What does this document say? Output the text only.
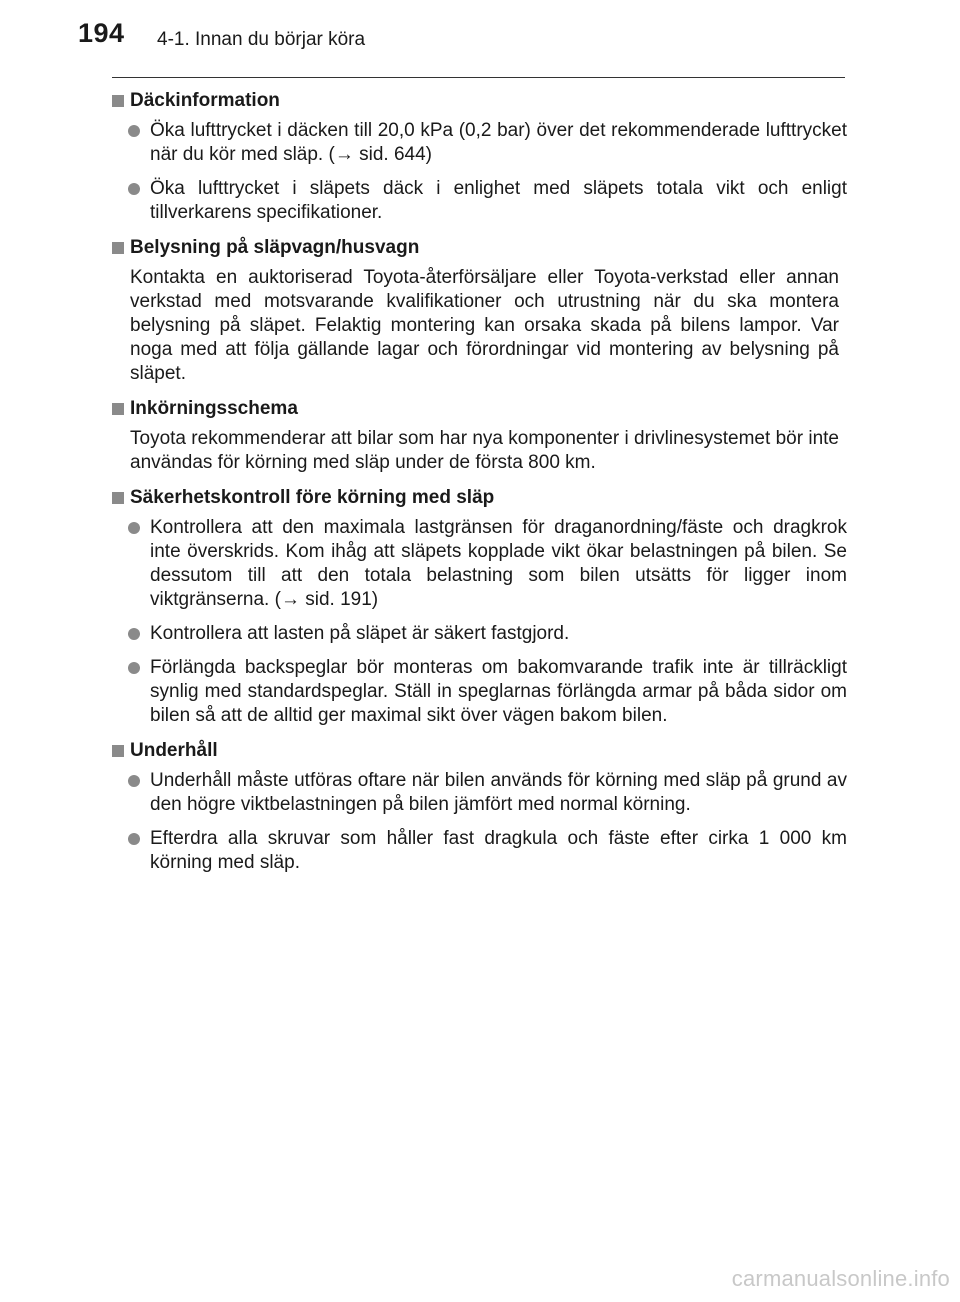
194 4-1. Innan du börjar köra
Däckinformation
Öka lufttrycket i däcken till 20,0 kPa (0,2 bar) över det rekommenderade lufttrycket när du kör med släp. (→ sid. 644)
Öka lufttrycket i släpets däck i enlighet med släpets totala vikt och enligt tillverkarens specifikationer.
Belysning på släpvagn/husvagn
Kontakta en auktoriserad Toyota-återförsäljare eller Toyota-verkstad eller annan verkstad med motsvarande kvalifikationer och utrustning när du ska montera belysning på släpet. Felaktig montering kan orsaka skada på bilens lampor. Var noga med att följa gällande lagar och förordningar vid montering av belysning på släpet.
Inkörningsschema
Toyota rekommenderar att bilar som har nya komponenter i drivlinesystemet bör inte användas för körning med släp under de första 800 km.
Säkerhetskontroll före körning med släp
Kontrollera att den maximala lastgränsen för draganordning/fäste och dragkrok inte överskrids. Kom ihåg att släpets kopplade vikt ökar belastningen på bilen. Se dessutom till att den totala belastning som bilen utsätts för ligger inom viktgränserna. (→ sid. 191)
Kontrollera att lasten på släpet är säkert fastgjord.
Förlängda backspeglar bör monteras om bakomvarande trafik inte är tillräckligt synlig med standardspeglar. Ställ in speglarnas förlängda armar på båda sidor om bilen så att de alltid ger maximal sikt över vägen bakom bilen.
Underhåll
Underhåll måste utföras oftare när bilen används för körning med släp på grund av den högre viktbelastningen på bilen jämfört med normal körning.
Efterdra alla skruvar som håller fast dragkula och fäste efter cirka 1 000 km körning med släp.
carmanualsonline.info
